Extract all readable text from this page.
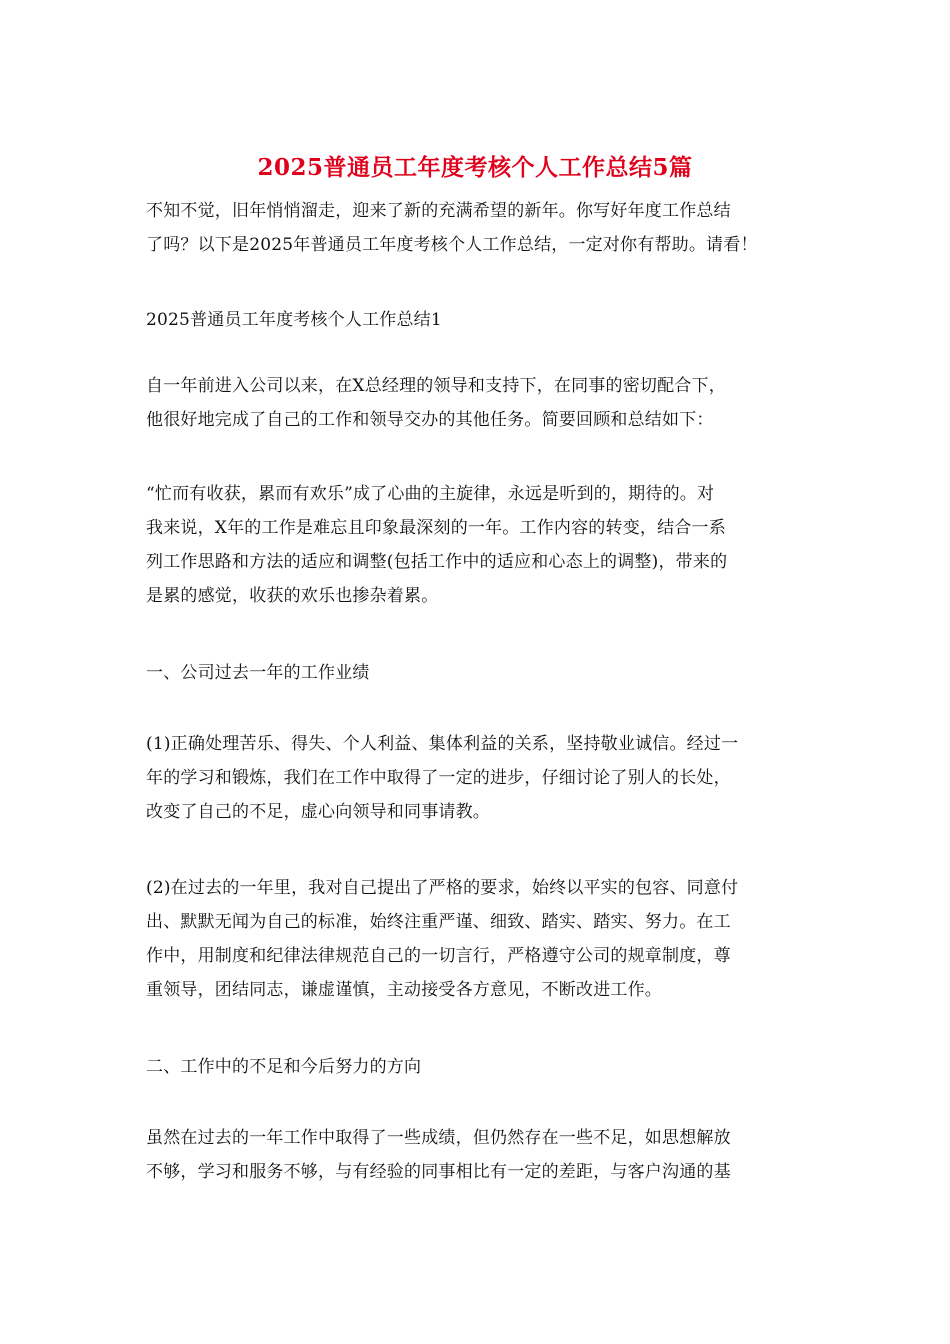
2025普通员工年度考核个人工作总结5篇
不知不觉，旧年悄悄溜走，迎来了新的充满希望的新年。你写好年度工作总结
了吗？以下是2025年普通员工年度考核个人工作总结，一定对你有帮助。请看！
2025普通员工年度考核个人工作总结1
自一年前进入公司以来，在X总经理的领导和支持下，在同事的密切配合下，
他很好地完成了自己的工作和领导交办的其他任务。简要回顾和总结如下：
“忙而有收获，累而有欢乐”成了心曲的主旋律，永远是听到的，期待的。对
我来说，X年的工作是难忘且印象最深刻的一年。工作内容的转变，结合一系
列工作思路和方法的适应和调整(包括工作中的适应和心态上的调整)，带来的
是累的感觉，收获的欢乐也掺杂着累。
一、公司过去一年的工作业绩
(1)正确处理苦乐、得失、个人利益、集体利益的关系，坚持敬业诚信。经过一
年的学习和锻炼，我们在工作中取得了一定的进步，仔细讨论了别人的长处，
改变了自己的不足，虚心向领导和同事请教。
(2)在过去的一年里，我对自己提出了严格的要求，始终以平实的包容、同意付
出、默默无闻为自己的标准，始终注重严谨、细致、踏实、踏实、努力。在工
作中，用制度和纪律法律规范自己的一切言行，严格遵守公司的规章制度，尊
重领导，团结同志，谦虚谨慎，主动接受各方意见，不断改进工作。
二、工作中的不足和今后努力的方向
虽然在过去的一年工作中取得了一些成绩，但仍然存在一些不足，如思想解放
不够，学习和服务不够，与有经验的同事相比有一定的差距，与客户沟通的基
